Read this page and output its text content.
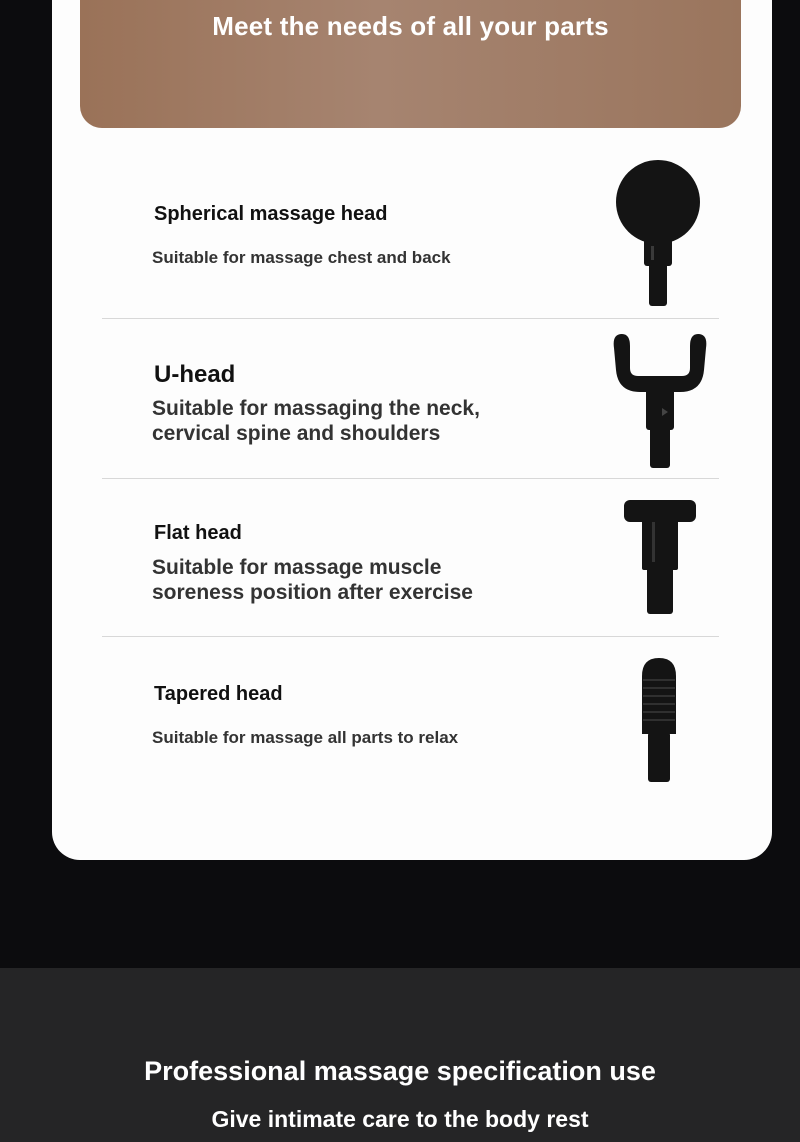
Meet the needs of all your parts
Spherical massage head
Suitable for massage chest and back
U-head
Suitable for massaging the neck,
cervical spine and shoulders
Flat head
Suitable for massage muscle
soreness position after exercise
Tapered head
Suitable for massage all parts to relax
Professional massage specification use
Give intimate care to the body rest
